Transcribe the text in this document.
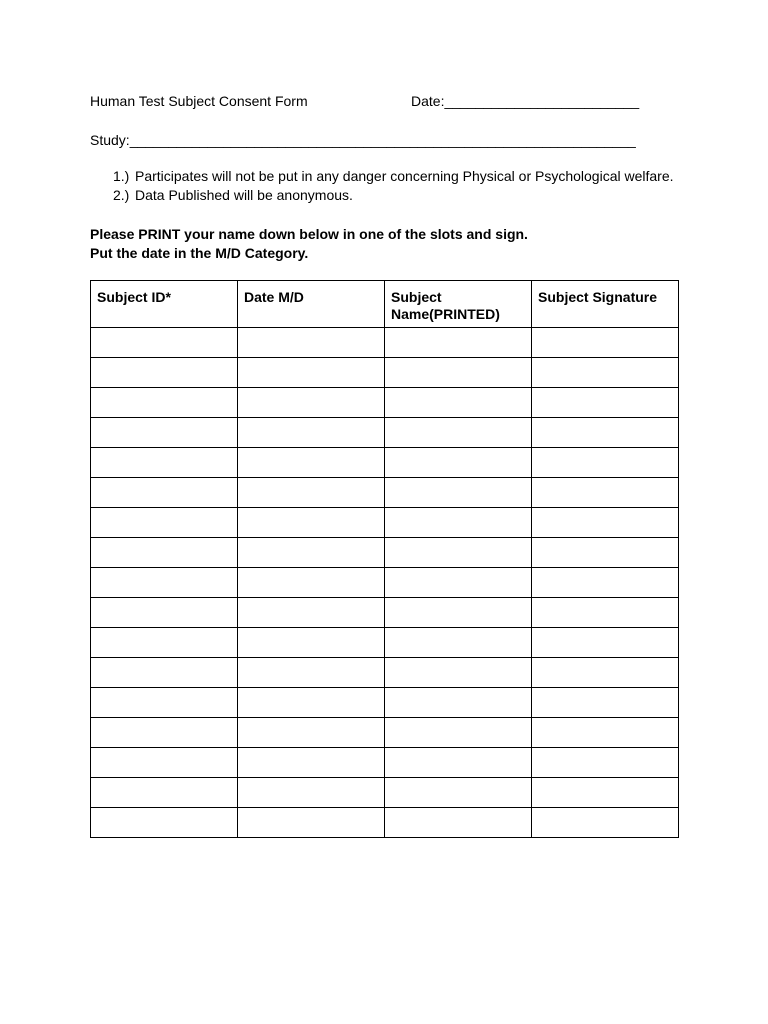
Human Test Subject Consent Form	Date:_________________________
Study:_________________________________________________________________
1.) Participates will not be put in any danger concerning Physical or Psychological welfare.
2.) Data Published will be anonymous.
Please PRINT your name down below in one of the slots and sign.
Put the date in the M/D Category.
Subject ID*	Date M/D	Subject Name(PRINTED)	Subject Signature
